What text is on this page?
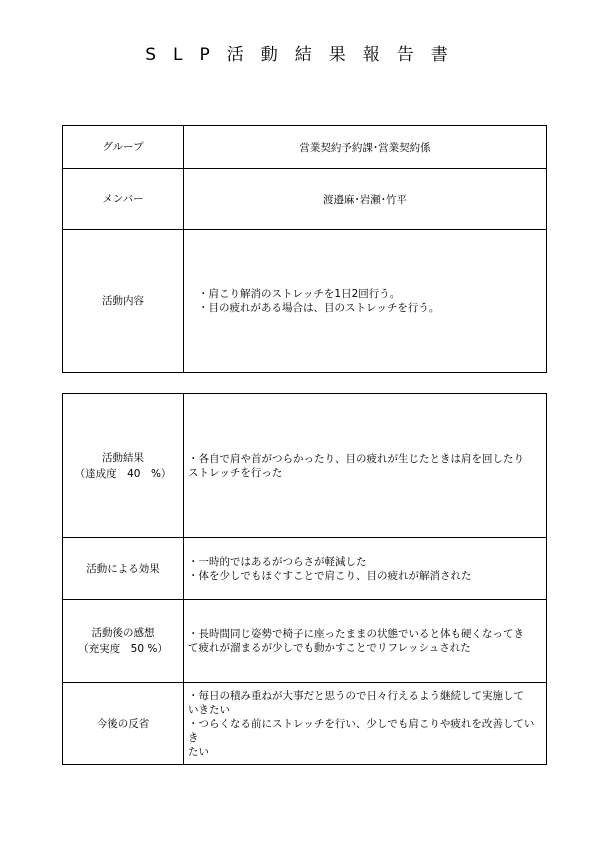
SLP活動結果報告書
グループ	営業契約予約課･営業契約係
メンバー	渡邉麻･岩瀬･竹平
活動内容	・肩こり解消のストレッチを1日2回行う。
・目の疲れがある場合は、目のストレッチを行う。
活動結果
（達成度　40　%）	・各自で肩や首がつらかったり、目の疲れが生じたときは肩を回したり
ストレッチを行った

活動による効果	・一時的ではあるがつらさが軽減した
・体を少しでもほぐすことで肩こり、目の疲れが解消された

活動後の感想
（充実度　50 %）	・長時間同じ姿勢で椅子に座ったままの状態でいると体も硬くなってき
て疲れが溜まるが少しでも動かすことでリフレッシュされた

今後の反省	・毎日の積み重ねが大事だと思うので日々行えるよう継続して実施して
いきたい
・つらくなる前にストレッチを行い、少しでも肩こりや疲れを改善していき
たい
